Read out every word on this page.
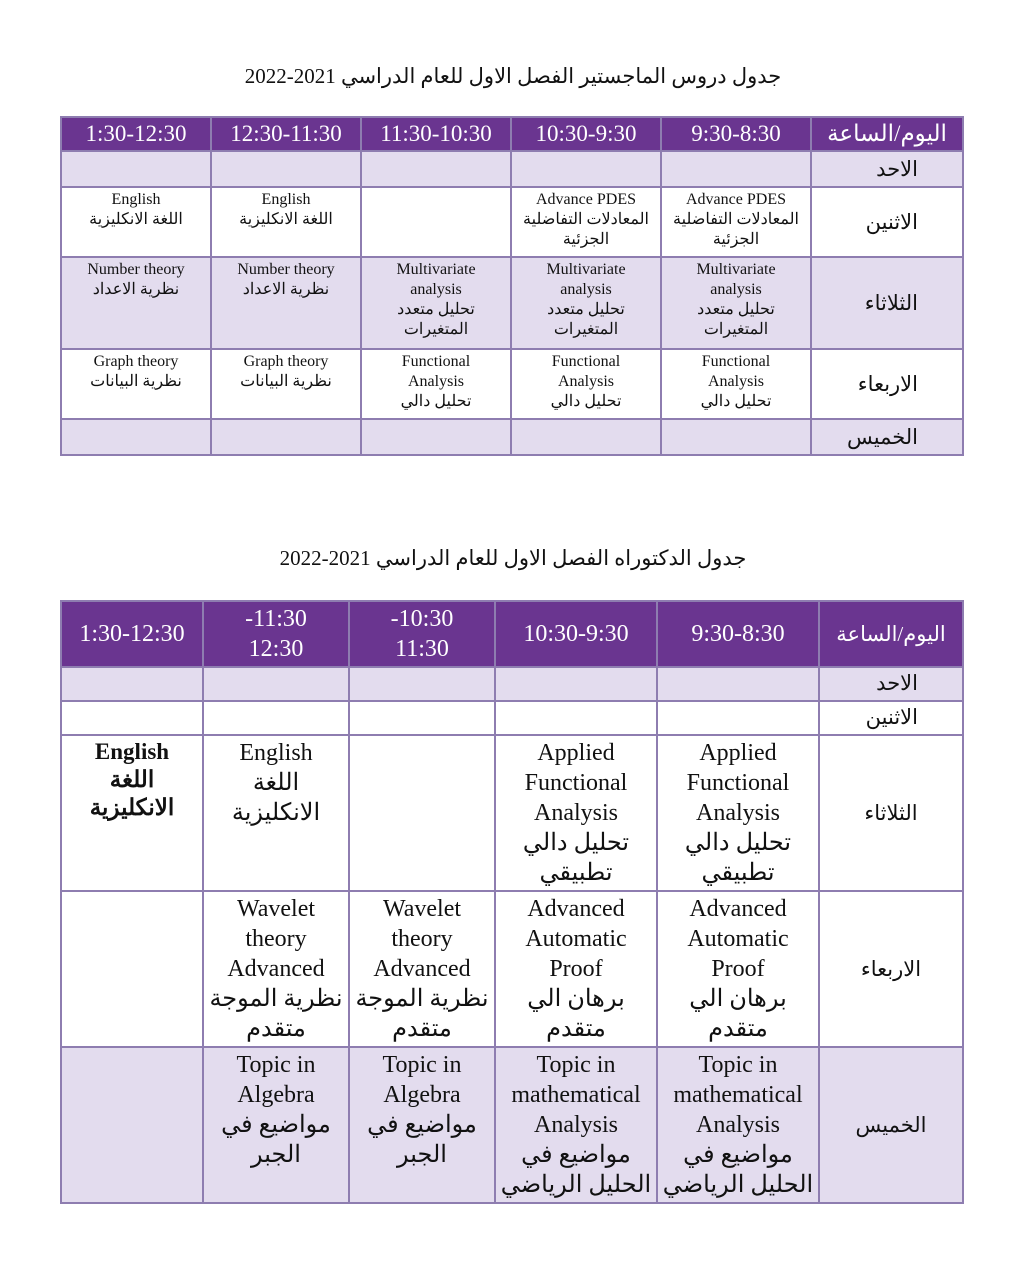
جدول دروس الماجستير الفصل الاول للعام الدراسي 2021-2022
اليوم/الساعة	9:30-8:30	10:30-9:30	11:30-10:30	12:30-11:30	1:30-12:30
الاحد					
الاثنين	Advance PDES
المعادلات التفاضلية
الجزئية	Advance PDES
المعادلات التفاضلية
الجزئية		English
اللغة الانكليزية	English
اللغة الانكليزية

الثلاثاء	Multivariate
analysis
تحليل متعدد
المتغيرات	Multivariate
analysis
تحليل متعدد
المتغيرات	Multivariate
analysis
تحليل متعدد
المتغيرات	Number theory
نظرية الاعداد	Number theory
نظرية الاعداد

الاربعاء	Functional
Analysis
تحليل دالي	Functional
Analysis
تحليل دالي	Functional
Analysis
تحليل دالي	Graph theory
نظرية البيانات	Graph theory
نظرية البيانات

الخميس					
جدول الدكتوراه الفصل الاول للعام الدراسي 2021-2022
اليوم/الساعة	9:30-8:30	10:30-9:30	-10:30
11:30	-11:30
12:30	1:30-12:30

الاحد					
الاثنين					
الثلاثاء	Applied
Functional
Analysis
تحليل دالي
تطبيقي	Applied
Functional
Analysis
تحليل دالي
تطبيقي		English
اللغة الانكليزية	English
اللغة
الانكليزية

الاربعاء	Advanced
Automatic
Proof
برهان الي متقدم	Advanced
Automatic
Proof
برهان الي متقدم	Wavelet
theory
Advanced
نظرية الموجة
متقدم	Wavelet
theory
Advanced
نظرية الموجة
متقدم	

الخميس	Topic in
mathematical
Analysis
مواضيع في
الحليل الرياضي	Topic in
mathematical
Analysis
مواضيع في
الحليل الرياضي	Topic in
Algebra
مواضيع في
الجبر	Topic in
Algebra
مواضيع في
الجبر	
